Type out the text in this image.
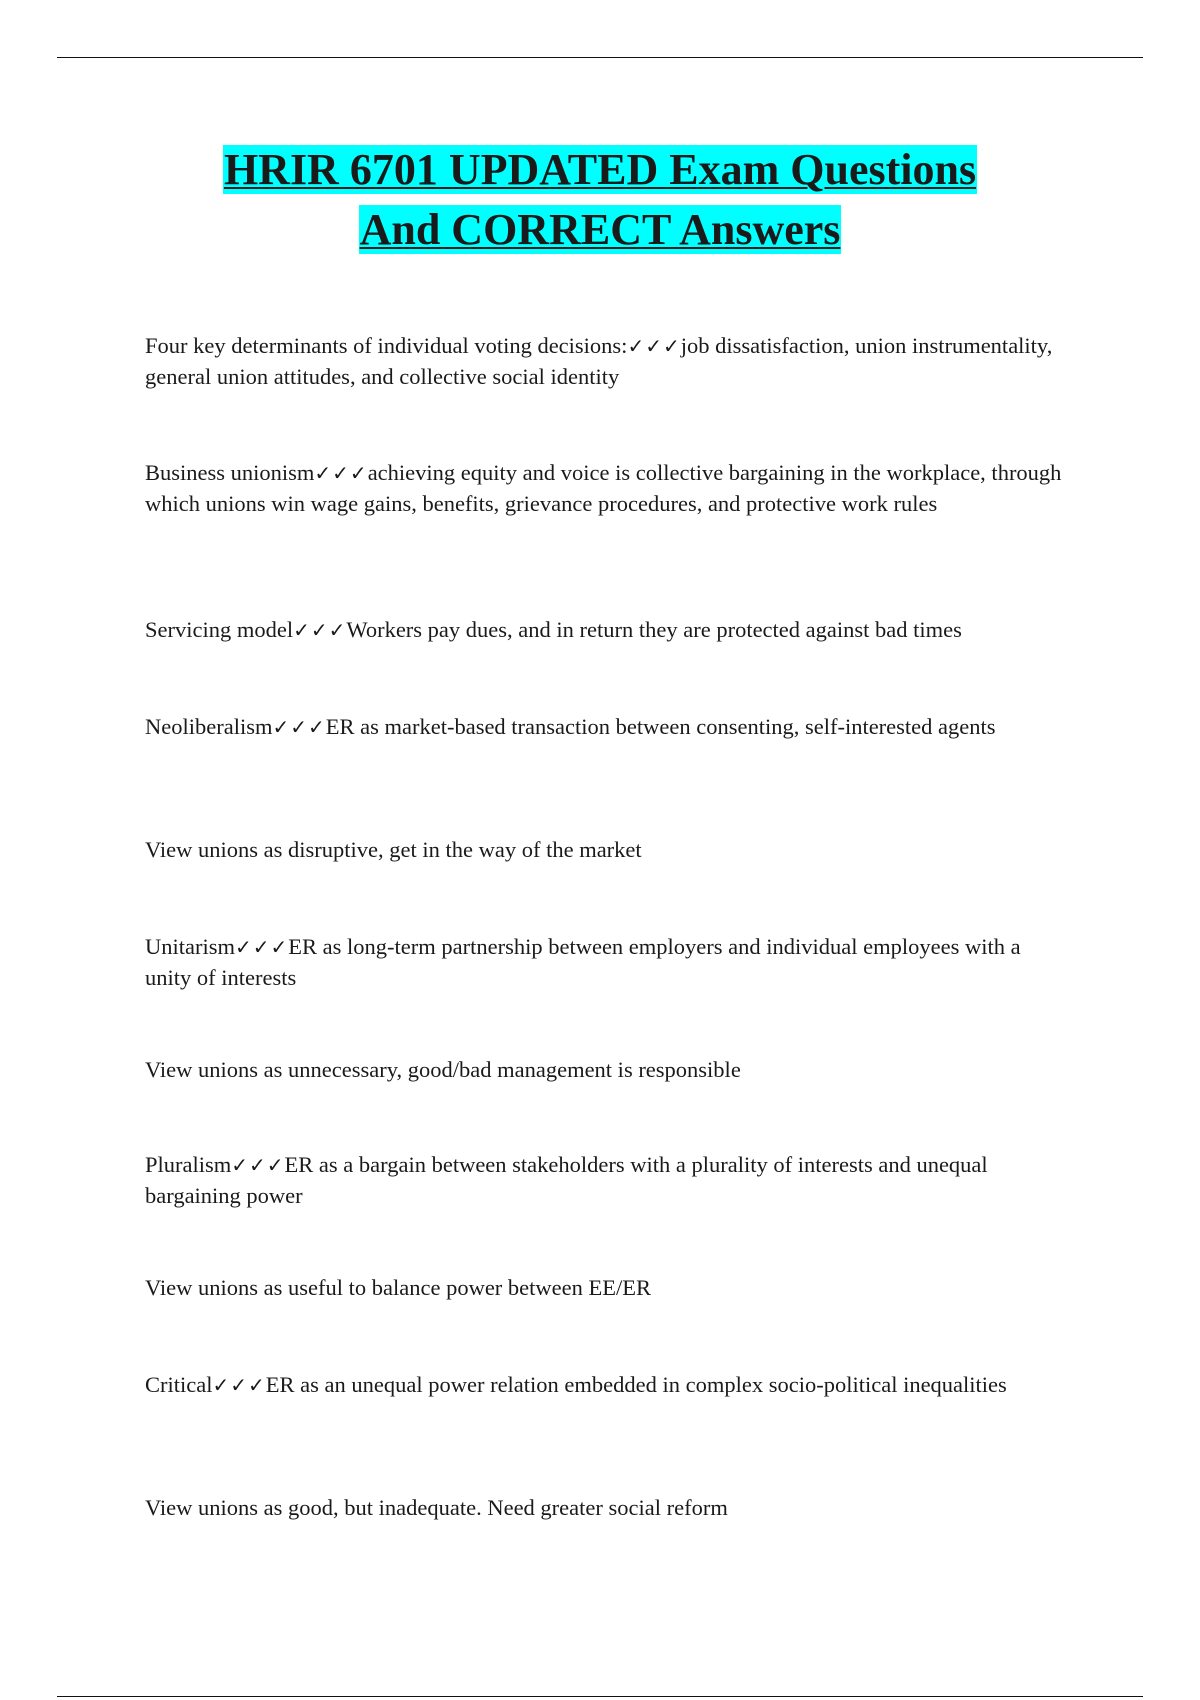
HRIR 6701 UPDATED Exam Questions
And CORRECT Answers

Four key determinants of individual voting decisions:✓✓✓job dissatisfaction, union instrumentality, general union attitudes, and collective social identity

Business unionism✓✓✓achieving equity and voice is collective bargaining in the workplace, through which unions win wage gains, benefits, grievance procedures, and protective work rules

Servicing model✓✓✓Workers pay dues, and in return they are protected against bad times

Neoliberalism✓✓✓ER as market-based transaction between consenting, self-interested agents

View unions as disruptive, get in the way of the market

Unitarism✓✓✓ER as long-term partnership between employers and individual employees with a unity of interests

View unions as unnecessary, good/bad management is responsible

Pluralism✓✓✓ER as a bargain between stakeholders with a plurality of interests and unequal bargaining power

View unions as useful to balance power between EE/ER

Critical✓✓✓ER as an unequal power relation embedded in complex socio-political inequalities

View unions as good, but inadequate. Need greater social reform
